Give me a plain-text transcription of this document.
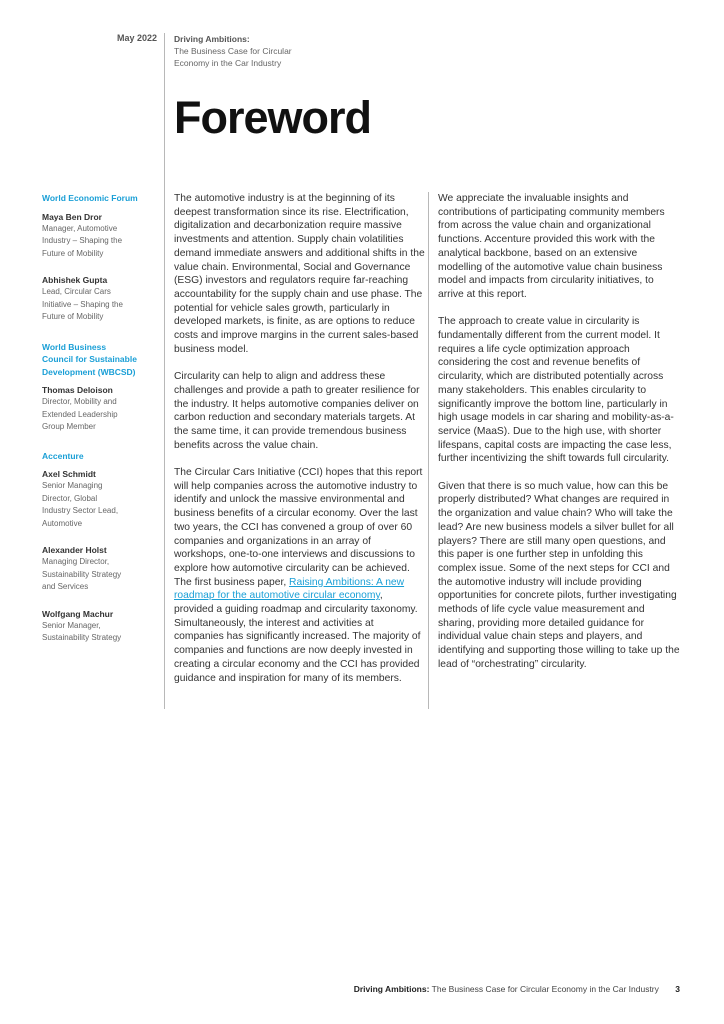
May 2022 Driving Ambitions:
The Business Case for Circular
Economy in the Car Industry
Foreword
World Economic Forum
Maya Ben Dror
Manager, Automotive
Industry – Shaping the
Future of Mobility
Abhishek Gupta
Lead, Circular Cars
Initiative – Shaping the
Future of Mobility
World Business
Council for Sustainable
Development (WBCSD)
Thomas Deloison
Director, Mobility and
Extended Leadership
Group Member
Accenture
Axel Schmidt
Senior Managing
Director, Global
Industry Sector Lead,
Automotive
Alexander Holst
Managing Director,
Sustainability Strategy
and Services
Wolfgang Machur
Senior Manager,
Sustainability Strategy

The automotive industry is at the beginning of its deepest transformation since its rise. Electrification, digitalization and decarbonization require massive investments and attention. Supply chain volatilities demand immediate answers and additional shifts in the value chain. Environmental, Social and Governance (ESG) investors and regulators require far-reaching accountability for the supply chain and use phase. The potential for vehicle sales growth, particularly in developed markets, is finite, as are options to reduce costs and improve margins in the current sales-based business model.

Circularity can help to align and address these challenges and provide a path to greater resilience for the industry. It helps automotive companies deliver on carbon reduction and secondary materials targets. At the same time, it can provide tremendous business benefits across the value chain.

The Circular Cars Initiative (CCI) hopes that this report will help companies across the automotive industry to identify and unlock the massive environmental and business benefits of a circular economy. Over the last two years, the CCI has convened a group of over 60 companies and organizations in an array of workshops, one-to-one interviews and discussions to explore how automotive circularity can be achieved. The first business paper, Raising Ambitions: A new roadmap for the automotive circular economy, provided a guiding roadmap and circularity taxonomy. Simultaneously, the interest and activities at companies has significantly increased. The majority of companies and functions are now deeply invested in creating a circular economy and the CCI has provided guidance and inspiration for many of its members.

We appreciate the invaluable insights and contributions of participating community members from across the value chain and organizational functions. Accenture provided this work with the analytical backbone, based on an extensive modelling of the automotive value chain business model and impacts from circularity initiatives, to arrive at this report.

The approach to create value in circularity is fundamentally different from the current model. It requires a life cycle optimization approach considering the cost and revenue benefits of circularity, which are distributed potentially across many stakeholders. This enables circularity to significantly improve the bottom line, particularly in high usage models in car sharing and mobility-as-a-service (MaaS). Due to the high use, with shorter lifespans, capital costs are impacting the case less, further incentivizing the shift towards full circularity.

Given that there is so much value, how can this be properly distributed? What changes are required in the organization and value chain? Who will take the lead? Are new business models a silver bullet for all players? There are still many open questions, and this paper is one further step in unfolding this complex issue. Some of the next steps for CCI and the automotive industry will include providing opportunities for concrete pilots, further investigating methods of life cycle value measurement and sharing, providing more detailed guidance for individual value chain steps and players, and identifying and supporting those willing to take up the lead of “orchestrating” circularity.

Driving Ambitions: The Business Case for Circular Economy in the Car Industry 3
